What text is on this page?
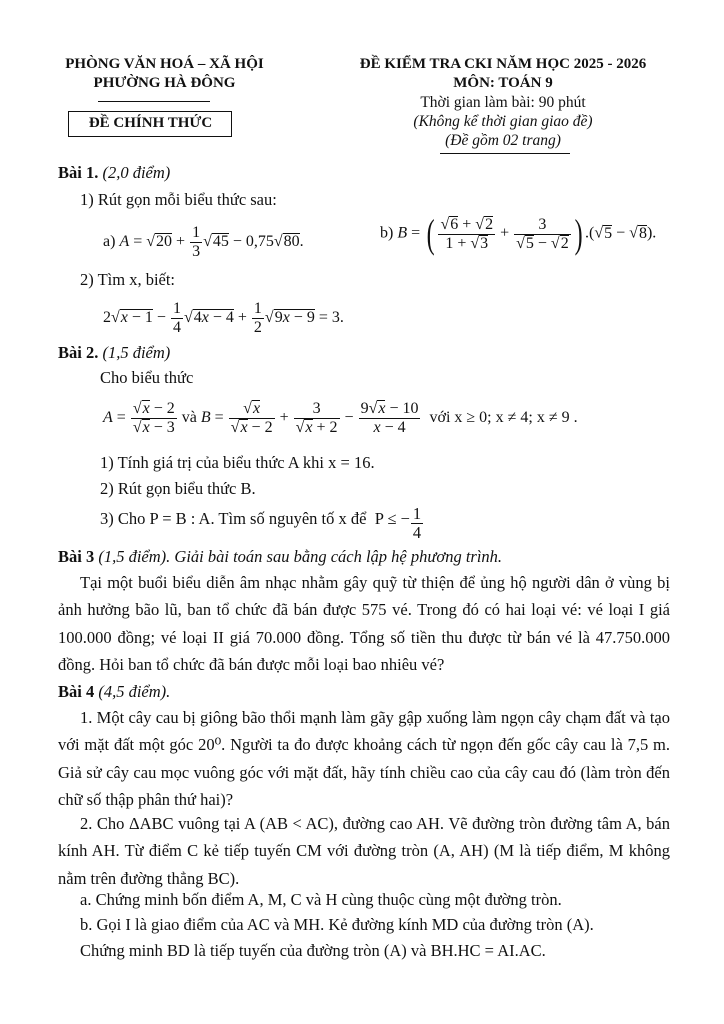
PHÒNG VĂN HOÁ – XÃ HỘI
PHƯỜNG HÀ ĐÔNG
ĐỀ CHÍNH THỨC
ĐỀ KIỂM TRA CKI NĂM HỌC 2025 - 2026
MÔN: TOÁN 9
Thời gian làm bài: 90 phút
(Không kể thời gian giao đề)
(Đề gồm 02 trang)
Bài 1. (2,0 điểm)
1) Rút gọn mỗi biểu thức sau:
a) $A = √20 + \frac{1}{3} √45 - 0,75√80$.	b) B = ( $\frac{√6 + √2}{1 + √3} + \frac{3}{√5 - √2}$ ) .(√5 − √8).
2) Tìm x, biết:
$2√x - 1 - \frac{1}{4} √4x - 4 + \frac{1}{2} √9x - 9 = 3$.
Bài 2. (1,5 điểm)
Cho biểu thức
$A = \frac{√x - 2}{√x - 3}$ và $B = \frac{√x}{√x - 2} + \frac{3}{√x + 2} - \frac{9√x - 10}{x - 4}$ với x ≥ 0; x ≠ 4; x ≠ 9 .
1) Tính giá trị của biểu thức A khi x = 16.
2) Rút gọn biểu thức B.
3) Cho P = B : A. Tìm số nguyên tố x để P ≤ − $\frac{1}{4}$
Bài 3 (1,5 điểm). Giải bài toán sau bằng cách lập hệ phương trình.
Tại một buổi biểu diễn âm nhạc nhằm gây quỹ từ thiện để ủng hộ người dân ở vùng bị ảnh hưởng bão lũ, ban tổ chức đã bán được 575 vé. Trong đó có hai loại vé: vé loại I giá 100.000 đồng; vé loại II giá 70.000 đồng. Tổng số tiền thu được từ bán vé là 47.750.000 đồng. Hỏi ban tổ chức đã bán được mỗi loại bao nhiêu vé?
Bài 4 (4,5 điểm).
1. Một cây cau bị giông bão thổi mạnh làm gãy gập xuống làm ngọn cây chạm đất và tạo với mặt đất một góc 20⁰. Người ta đo được khoảng cách từ ngọn đến gốc cây cau là 7,5 m. Giả sử cây cau mọc vuông góc với mặt đất, hãy tính chiều cao của cây cau đó (làm tròn đến chữ số thập phân thứ hai)?
2. Cho ΔABC vuông tại A (AB < AC), đường cao AH. Vẽ đường tròn đường tâm A, bán kính AH. Từ điểm C kẻ tiếp tuyến CM với đường tròn (A, AH) (M là tiếp điểm, M không nằm trên đường thẳng BC).
a. Chứng minh bốn điểm A, M, C và H cùng thuộc cùng một đường tròn.
b. Gọi I là giao điểm của AC và MH. Kẻ đường kính MD của đường tròn (A).
Chứng minh BD là tiếp tuyến của đường tròn (A) và BH.HC = AI.AC.
